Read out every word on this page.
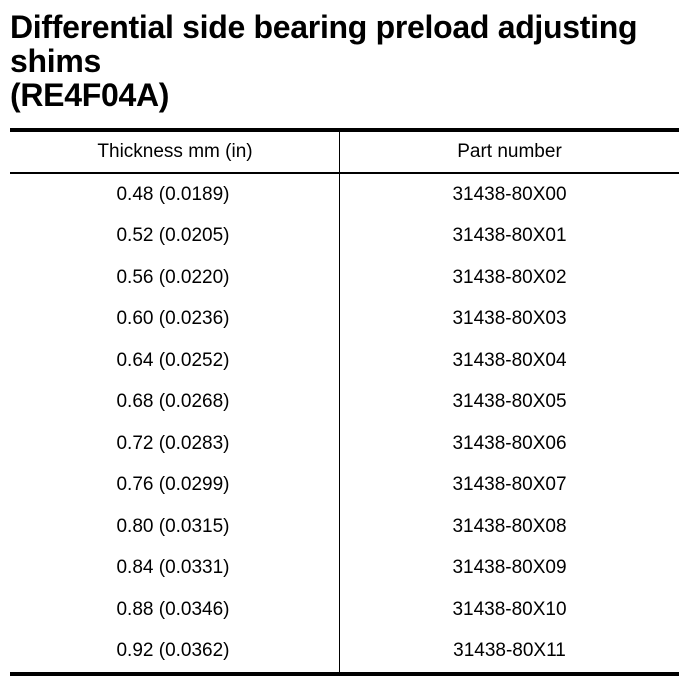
Differential side bearing preload adjusting
shims
(RE4F04A)
Thickness mm (in)	Part number
0.48 (0.0189)	31438-80X00
0.52 (0.0205)	31438-80X01
0.56 (0.0220)	31438-80X02
0.60 (0.0236)	31438-80X03
0.64 (0.0252)	31438-80X04
0.68 (0.0268)	31438-80X05
0.72 (0.0283)	31438-80X06
0.76 (0.0299)	31438-80X07
0.80 (0.0315)	31438-80X08
0.84 (0.0331)	31438-80X09
0.88 (0.0346)	31438-80X10
0.92 (0.0362)	31438-80X11
